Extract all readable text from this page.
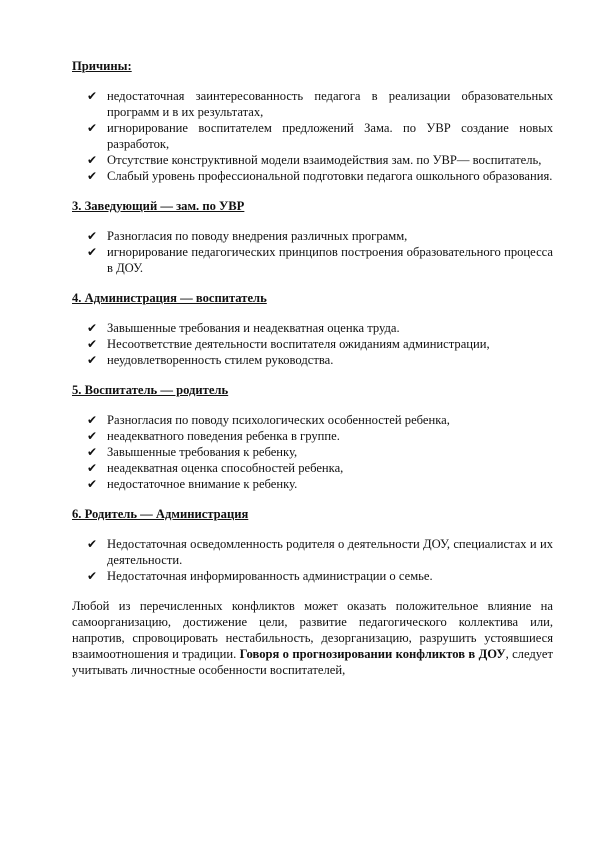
Причины:

✔ недостаточная заинтересованность педагога в реализации образовательных программ и в их результатах,
✔ игнорирование воспитателем предложений Зама. по УВР создание новых разработок,
✔ Отсутствие конструктивной модели взаимодействия зам. по УВР— воспитатель,
✔ Слабый уровень профессиональной подготовки педагога ошкольного образования.

3. Заведующий — зам. по УВР

✔ Разногласия по поводу внедрения различных программ,
✔ игнорирование педагогических принципов построения образовательного процесса в ДОУ.

4. Администрация — воспитатель

✔ Завышенные требования и неадекватная оценка труда.
✔ Несоответствие деятельности воспитателя ожиданиям администрации,
✔ неудовлетворенность стилем руководства.

5. Воспитатель — родитель

✔ Разногласия по поводу психологических особенностей ребенка,
✔ неадекватного поведения ребенка в группе.
✔ Завышенные требования к ребенку,
✔ неадекватная оценка способностей ребенка,
✔ недостаточное внимание к ребенку.

6. Родитель — Администрация

✔ Недостаточная осведомленность родителя о деятельности ДОУ, специалистах и их деятельности.
✔ Недостаточная информированность администрации о семье.

Любой из перечисленных конфликтов может оказать положительное влияние на самоорганизацию, достижение цели, развитие педагогического коллектива или, напротив, спровоцировать нестабильность, дезорганизацию, разрушить устоявшиеся взаимоотношения и традиции. Говоря о прогнозировании конфликтов в ДОУ, следует учитывать личностные особенности воспитателей,
